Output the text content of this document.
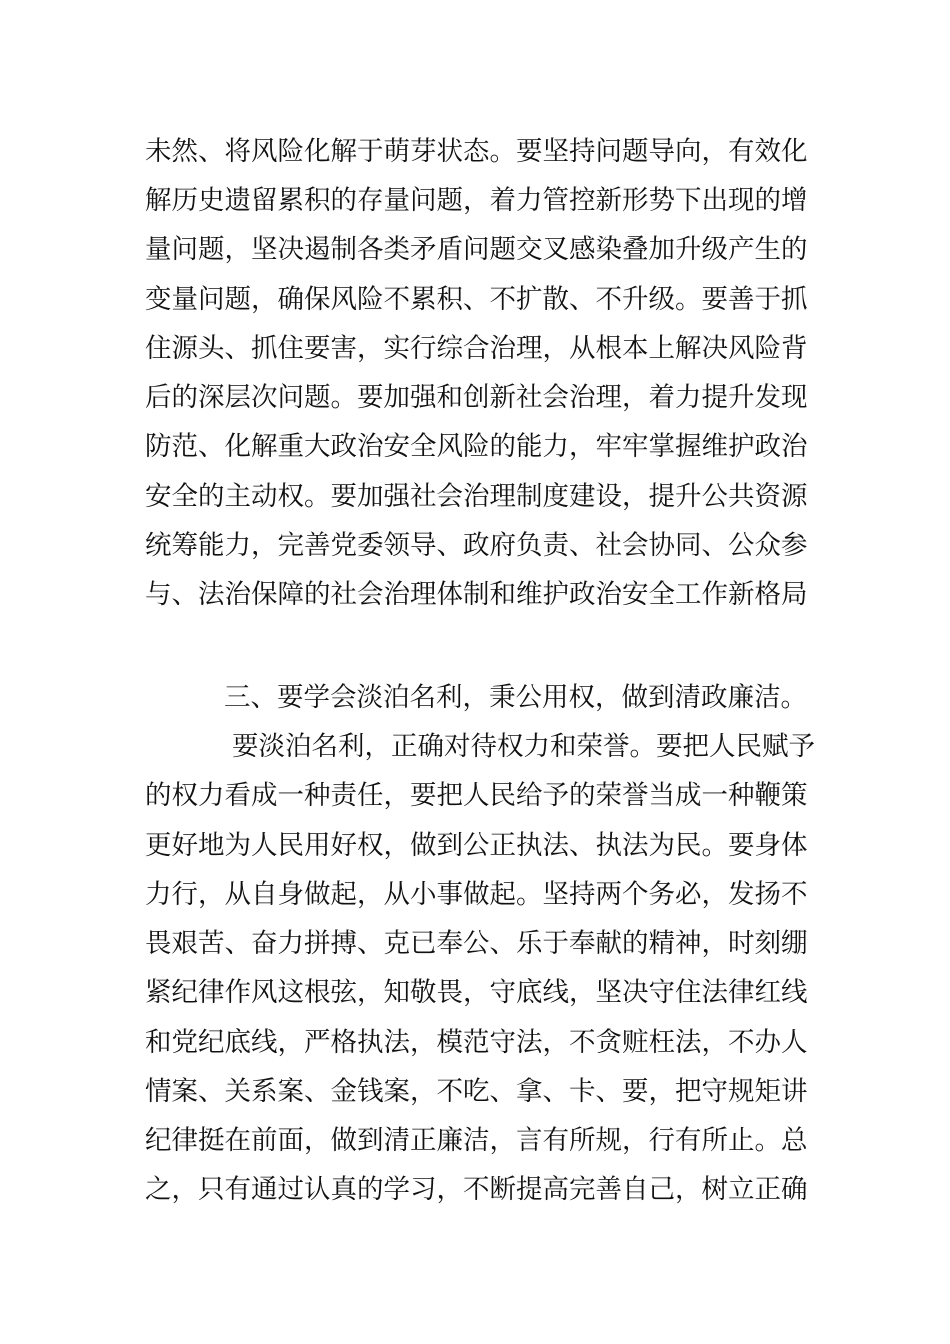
未然、将风险化解于萌芽状态。要坚持问题导向，有效化
解历史遗留累积的存量问题，着力管控新形势下出现的增
量问题，坚决遏制各类矛盾问题交叉感染叠加升级产生的
变量问题，确保风险不累积、不扩散、不升级。要善于抓
住源头、抓住要害，实行综合治理，从根本上解决风险背
后的深层次问题。要加强和创新社会治理，着力提升发现
防范、化解重大政治安全风险的能力，牢牢掌握维护政治
安全的主动权。要加强社会治理制度建设，提升公共资源
统筹能力，完善党委领导、政府负责、社会协同、公众参
与、法治保障的社会治理体制和维护政治安全工作新格局
三、要学会淡泊名利，秉公用权，做到清政廉洁。
要淡泊名利，正确对待权力和荣誉。要把人民赋予
的权力看成一种责任，要把人民给予的荣誉当成一种鞭策
更好地为人民用好权，做到公正执法、执法为民。要身体
力行，从自身做起，从小事做起。坚持两个务必，发扬不
畏艰苦、奋力拼搏、克已奉公、乐于奉献的精神，时刻绷
紧纪律作风这根弦，知敬畏，守底线，坚决守住法律红线
和党纪底线，严格执法，模范守法，不贪赃枉法，不办人
情案、关系案、金钱案，不吃、拿、卡、要，把守规矩讲
纪律挺在前面，做到清正廉洁，言有所规，行有所止。总
之，只有通过认真的学习，不断提高完善自己，树立正确
